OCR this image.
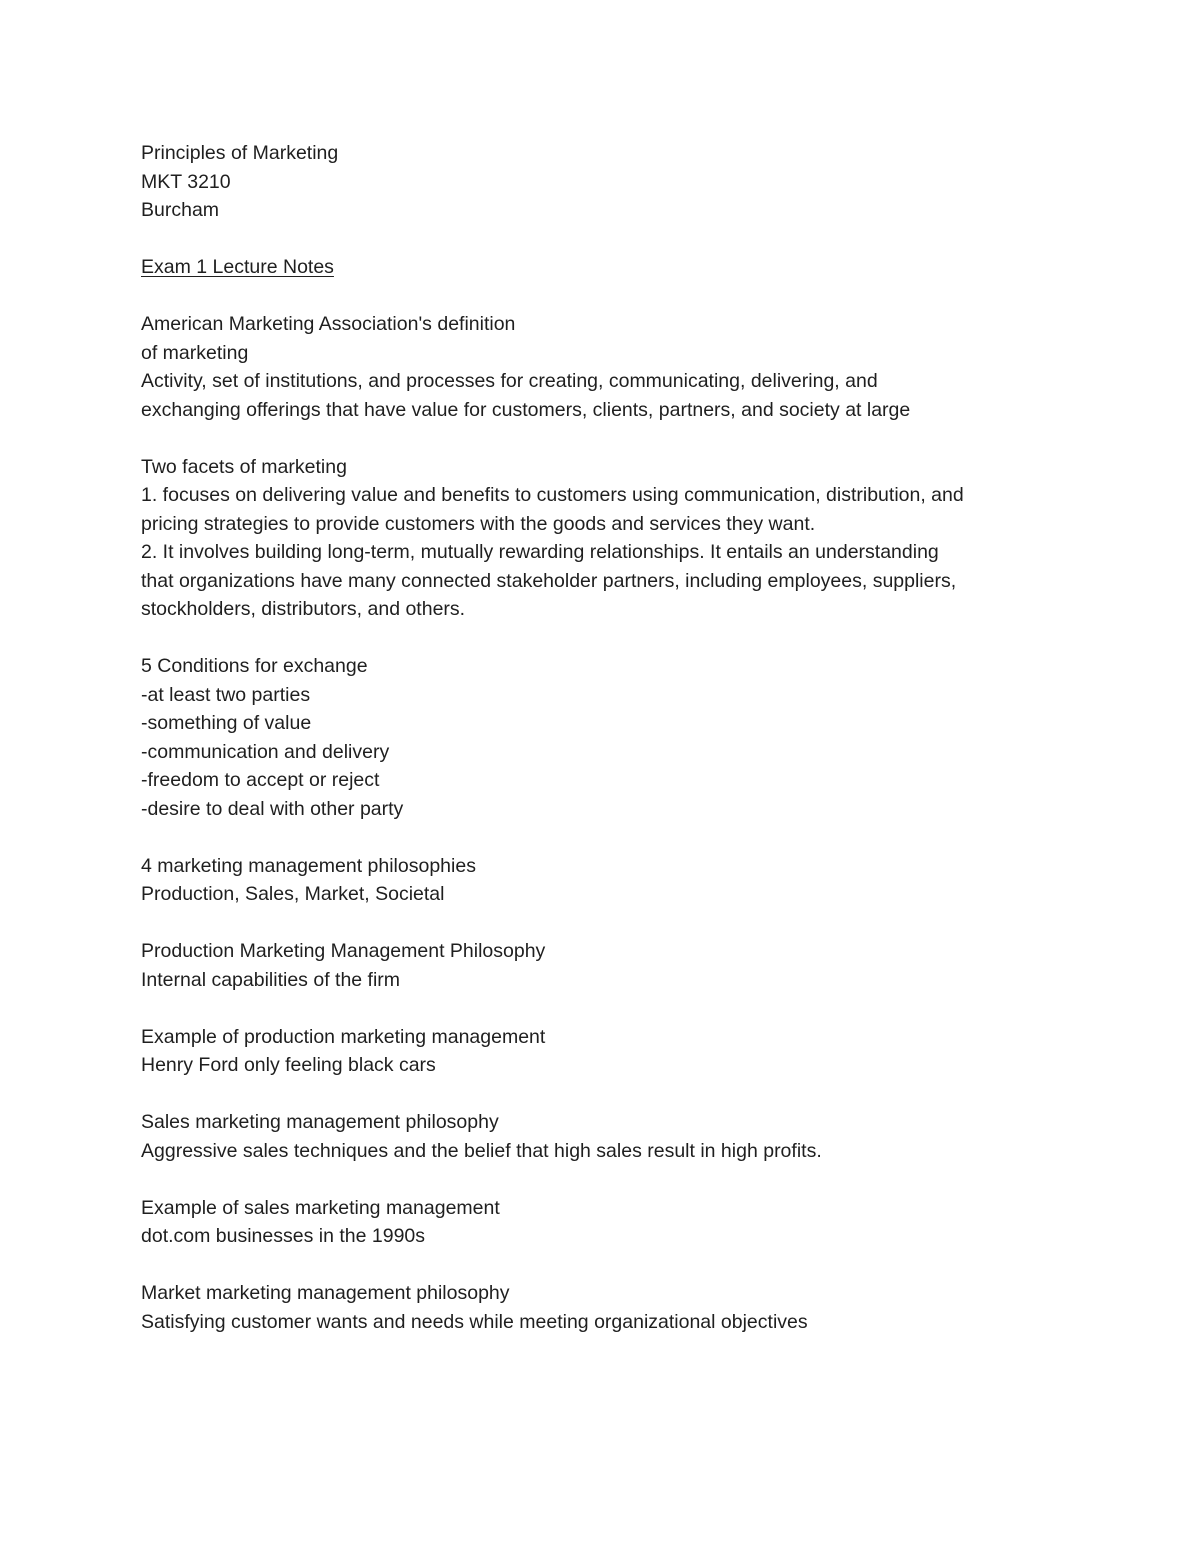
Principles of Marketing
MKT 3210
Burcham
Exam 1 Lecture Notes
American Marketing Association's definition
of marketing
Activity, set of institutions, and processes for creating, communicating, delivering, and
exchanging offerings that have value for customers, clients, partners, and society at large
Two facets of marketing
1. focuses on delivering value and benefits to customers using communication, distribution, and
pricing strategies to provide customers with the goods and services they want.
2. It involves building long-term, mutually rewarding relationships. It entails an understanding
that organizations have many connected stakeholder partners, including employees, suppliers,
stockholders, distributors, and others.
5 Conditions for exchange
-at least two parties
-something of value
-communication and delivery
-freedom to accept or reject
-desire to deal with other party
4 marketing management philosophies
Production, Sales, Market, Societal
Production Marketing Management Philosophy
Internal capabilities of the firm
Example of production marketing management
Henry Ford only feeling black cars
Sales marketing management philosophy
Aggressive sales techniques and the belief that high sales result in high profits.
Example of sales marketing management
dot.com businesses in the 1990s
Market marketing management philosophy
Satisfying customer wants and needs while meeting organizational objectives
